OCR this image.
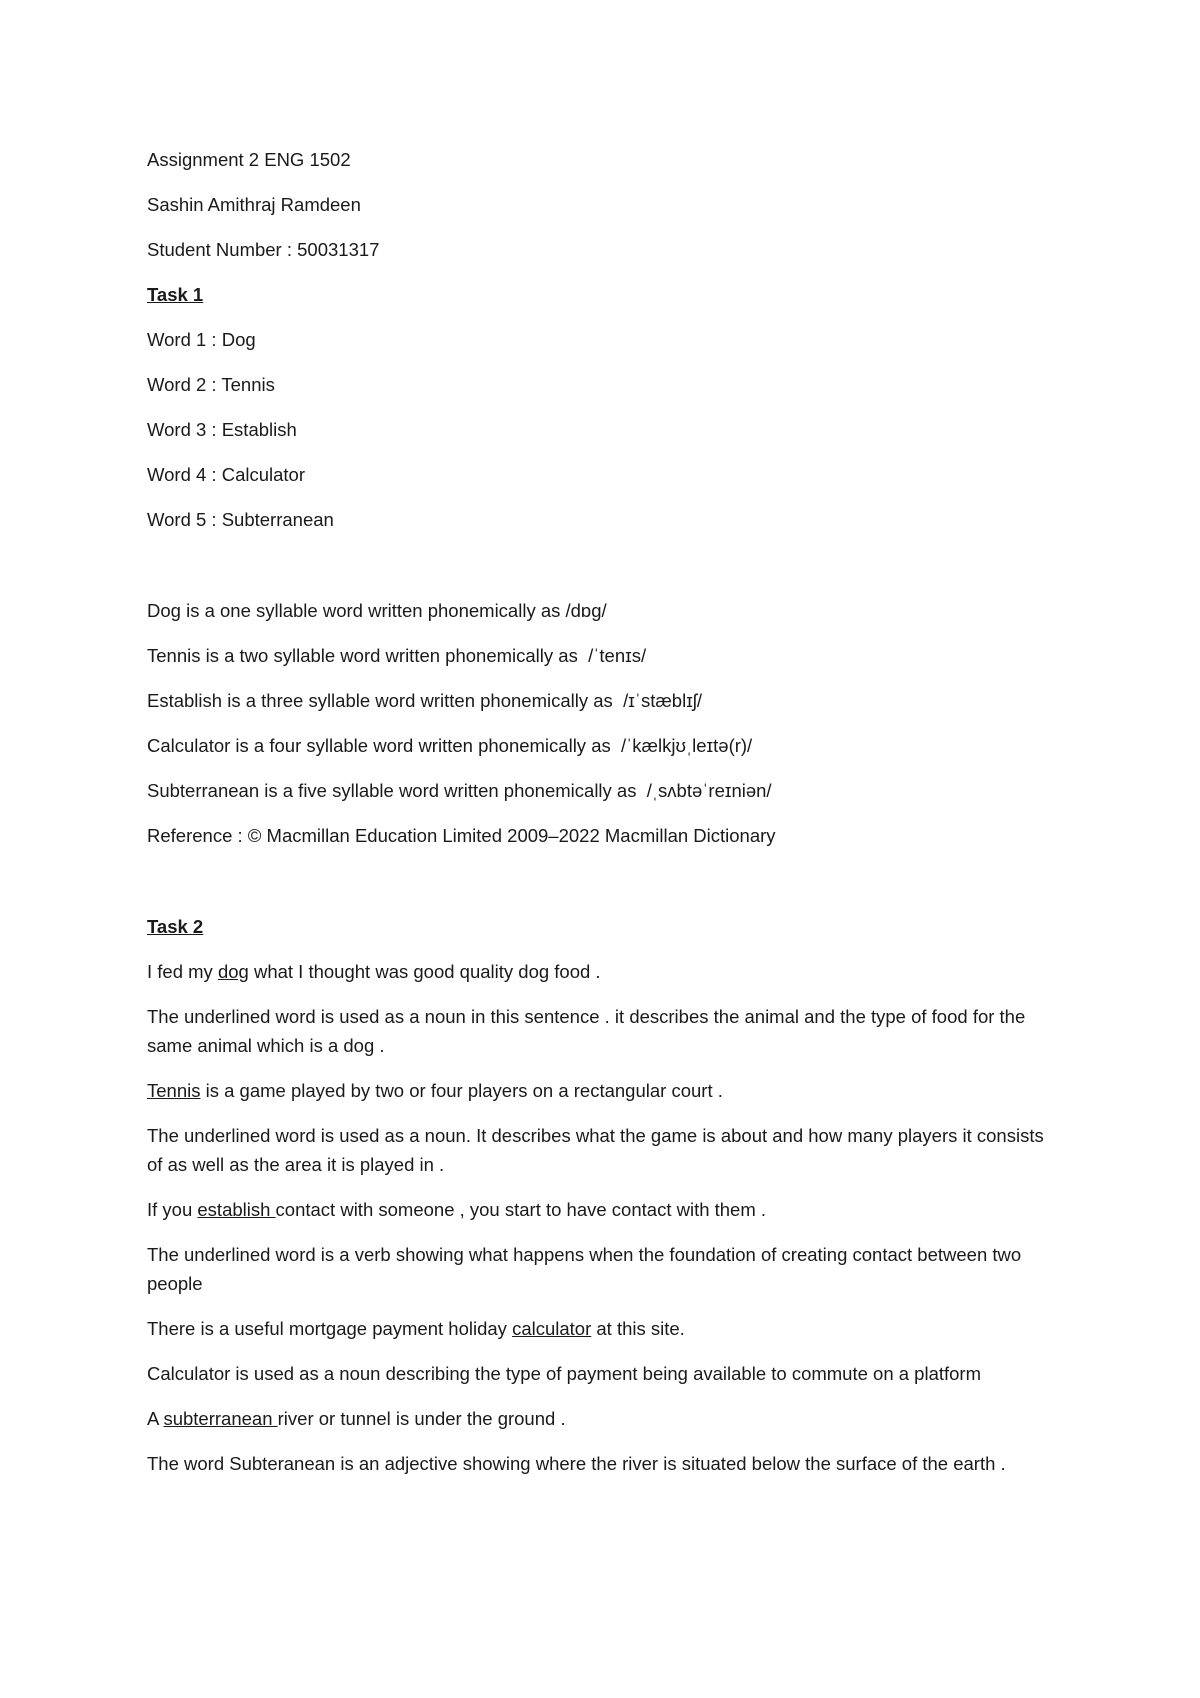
Assignment 2 ENG 1502
Sashin Amithraj Ramdeen
Student Number : 50031317
Task 1
Word 1 : Dog
Word 2 : Tennis
Word 3 : Establish
Word 4 : Calculator
Word 5 : Subterranean
Dog is a one syllable word written phonemically as /dɒg/
Tennis is a two syllable word written phonemically as  /ˈtenɪs/
Establish is a three syllable word written phonemically as  /ɪˈstæblɪʃ/
Calculator is a four syllable word written phonemically as  /ˈkælkjʊˌleɪtə(r)/
Subterranean is a five syllable word written phonemically as  /ˌsʌbtəˈreɪniən/
Reference : © Macmillan Education Limited 2009–2022 Macmillan Dictionary
Task 2
I fed my dog what I thought was good quality dog food .
The underlined word is used as a noun in this sentence . it describes the animal and the type of food for the same animal which is a dog .
Tennis is a game played by two or four players on a rectangular court .
The underlined word is used as a noun. It describes what the game is about and how many players it consists of as well as the area it is played in .
If you establish contact with someone , you start to have contact with them .
The underlined word is a verb showing what happens when the foundation of creating contact between two people
There is a useful mortgage payment holiday calculator at this site.
Calculator is used as a noun describing the type of payment being available to commute on a platform
A subterranean river or tunnel is under the ground .
The word Subteranean is an adjective showing where the river is situated below the surface of the earth .
